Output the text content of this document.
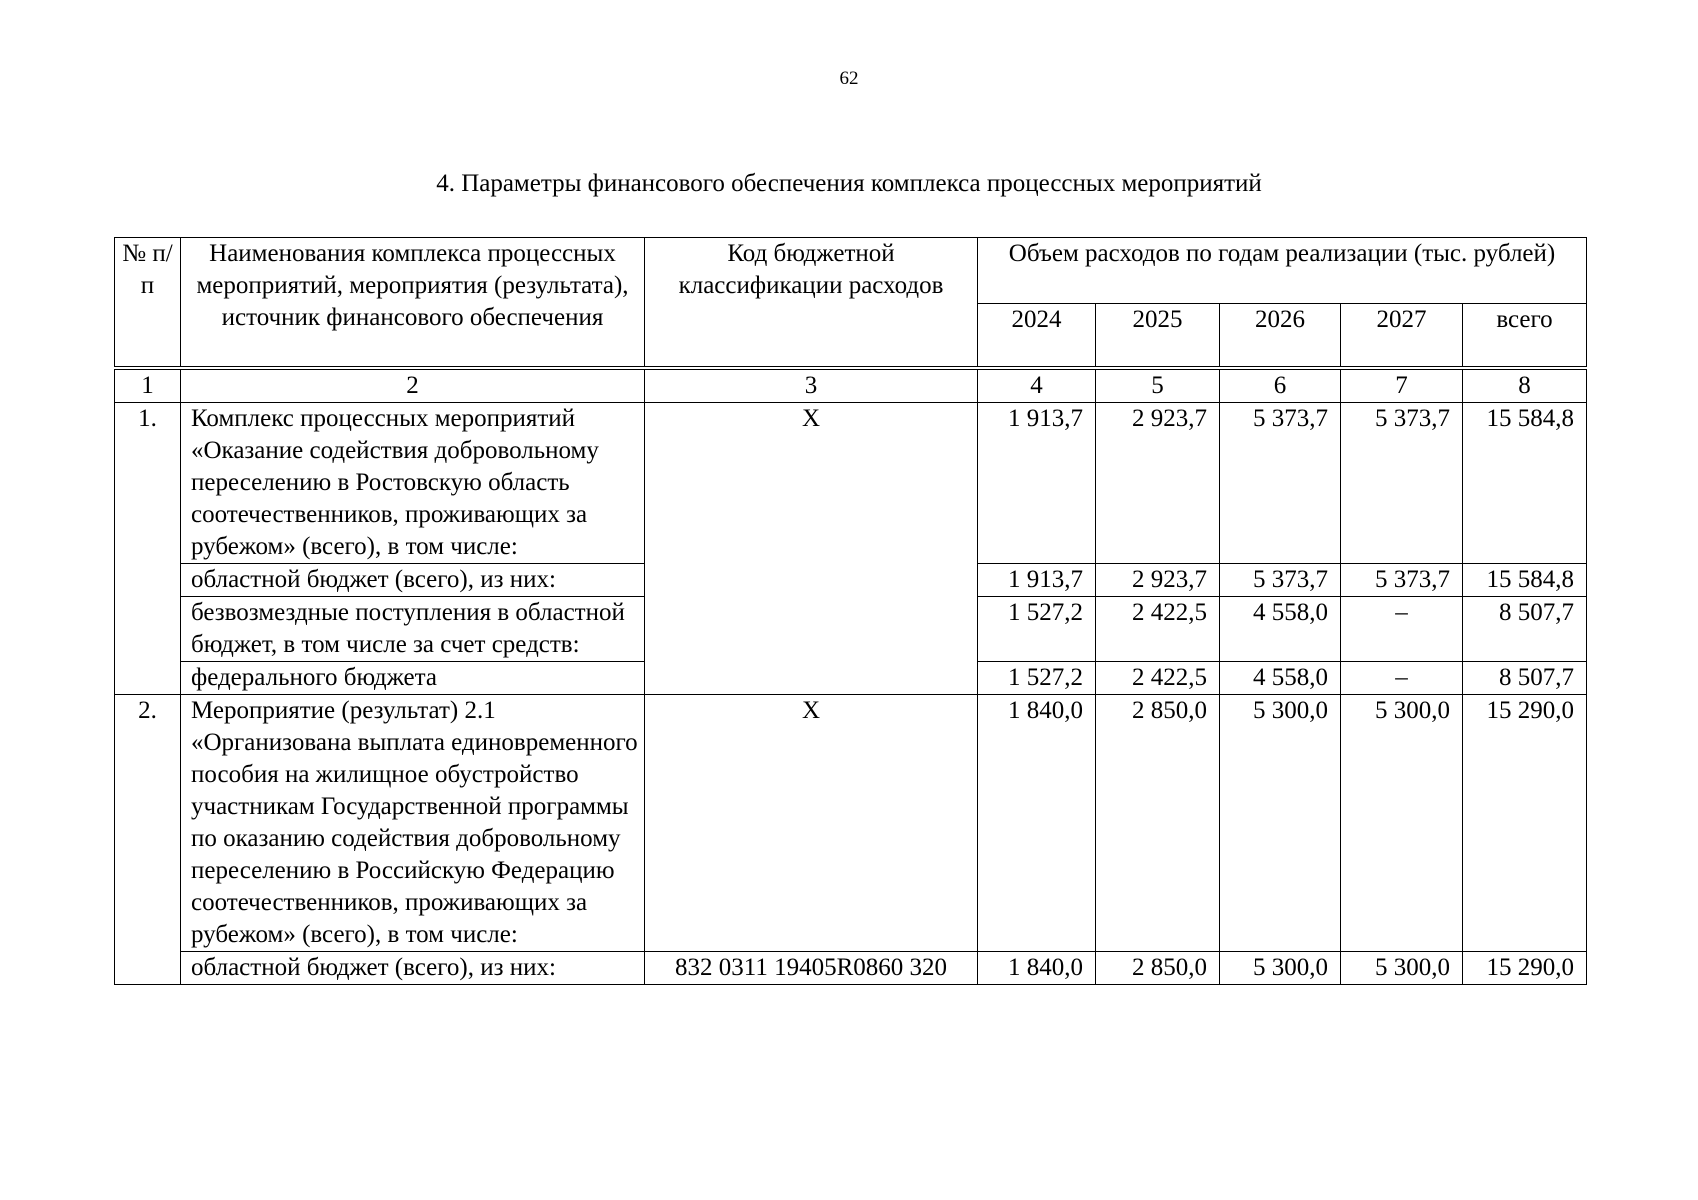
62
4. Параметры финансового обеспечения комплекса процессных мероприятий
№ п/п	Наименования комплекса процессных мероприятий, мероприятия (результата), источник финансового обеспечения	Код бюджетной классификации расходов	Объем расходов по годам реализации (тыс. рублей)				
			2024	2025	2026	2027	всего
1	2	3	4	5	6	7	8
1.	Комплекс процессных мероприятий «Оказание содействия добровольному переселению в Ростовскую область соотечественников, проживающих за рубежом» (всего), в том числе:	X	1 913,7	2 923,7	5 373,7	5 373,7	15 584,8
	областной бюджет (всего), из них:		1 913,7	2 923,7	5 373,7	5 373,7	15 584,8
	безвозмездные поступления в областной бюджет, в том числе за счет средств:		1 527,2	2 422,5	4 558,0	–	8 507,7
	федерального бюджета		1 527,2	2 422,5	4 558,0	–	8 507,7
2.	Мероприятие (результат) 2.1 «Организована выплата единовременного пособия на жилищное обустройство участникам Государственной программы по оказанию содействия добровольному переселению в Российскую Федерацию соотечественников, проживающих за рубежом» (всего), в том числе:	X	1 840,0	2 850,0	5 300,0	5 300,0	15 290,0
	областной бюджет (всего), из них:	832 0311 19405R0860 320	1 840,0	2 850,0	5 300,0	5 300,0	15 290,0
